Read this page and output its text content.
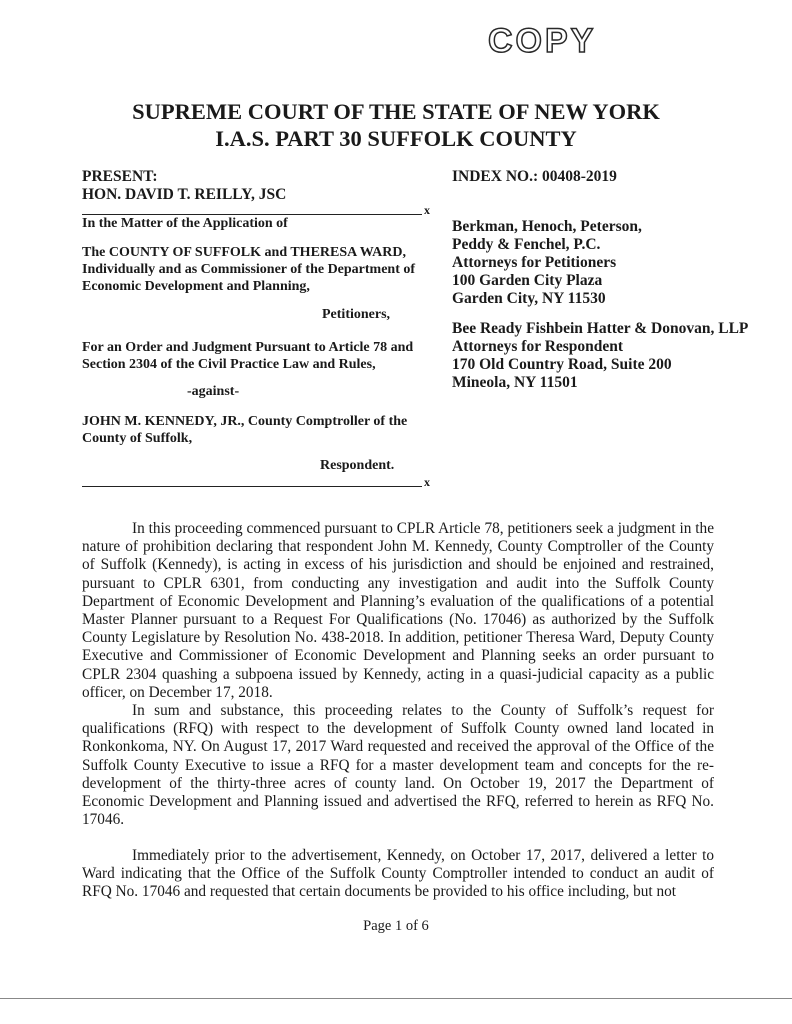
COPY
SUPREME COURT OF THE STATE OF NEW YORK
I.A.S. PART 30 SUFFOLK COUNTY
PRESENT:
HON. DAVID T. REILLY, JSC
INDEX NO.: 00408-2019
x
In the Matter of the Application of
The COUNTY OF SUFFOLK and THERESA WARD,
Individually and as Commissioner of the Department of
Economic Development and Planning,
Petitioners,
For an Order and Judgment Pursuant to Article 78 and
Section 2304 of the Civil Practice Law and Rules,
-against-
JOHN M. KENNEDY, JR., County Comptroller of the
County of Suffolk,
Respondent.
x
Berkman, Henoch, Peterson,
Peddy & Fenchel, P.C.
Attorneys for Petitioners
100 Garden City Plaza
Garden City, NY 11530
Bee Ready Fishbein Hatter & Donovan, LLP
Attorneys for Respondent
170 Old Country Road, Suite 200
Mineola, NY 11501
In this proceeding commenced pursuant to CPLR Article 78, petitioners seek a judgment in the nature of prohibition declaring that respondent John M. Kennedy, County Comptroller of the County of Suffolk (Kennedy), is acting in excess of his jurisdiction and should be enjoined and restrained, pursuant to CPLR 6301, from conducting any investigation and audit into the Suffolk County Department of Economic Development and Planning’s evaluation of the qualifications of a potential Master Planner pursuant to a Request For Qualifications (No. 17046) as authorized by the Suffolk County Legislature by Resolution No. 438-2018. In addition, petitioner Theresa Ward, Deputy County Executive and Commissioner of Economic Development and Planning seeks an order pursuant to CPLR 2304 quashing a subpoena issued by Kennedy, acting in a quasi-judicial capacity as a public officer, on December 17, 2018.
In sum and substance, this proceeding relates to the County of Suffolk’s request for qualifications (RFQ) with respect to the development of Suffolk County owned land located in Ronkonkoma, NY. On August 17, 2017 Ward requested and received the approval of the Office of the Suffolk County Executive to issue a RFQ for a master development team and concepts for the re-development of the thirty-three acres of county land. On October 19, 2017 the Department of Economic Development and Planning issued and advertised the RFQ, referred to herein as RFQ No. 17046.
Immediately prior to the advertisement, Kennedy, on October 17, 2017, delivered a letter to Ward indicating that the Office of the Suffolk County Comptroller intended to conduct an audit of RFQ No. 17046 and requested that certain documents be provided to his office including, but not
Page 1 of 6
